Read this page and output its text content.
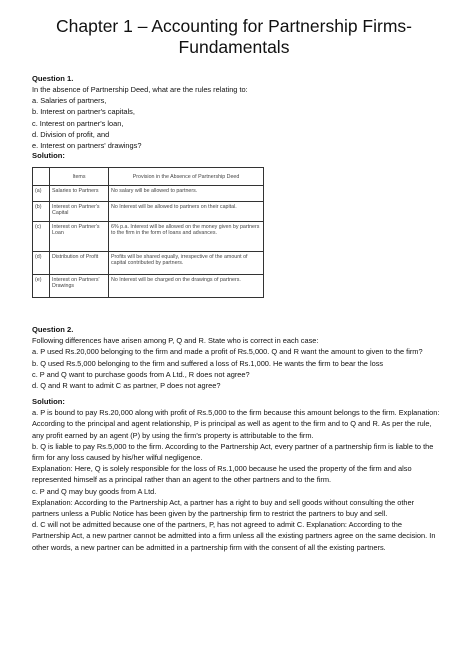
Chapter 1 – Accounting for Partnership Firms-
Fundamentals
Question 1.
In the absence of Partnership Deed, what are the rules relating to:
a. Salaries of partners,
b. Interest on partner's capitals,
c. Interest on partner's loan,
d. Division of profit, and
e. Interest on partners' drawings?
Solution:
	Items	Provision in the Absence of Partnership Deed
(a)	Salaries to Partners	No salary will be allowed to partners.
(b)	Interest on Partner's Capital	No Interest will be allowed to partners on their capital.
(c)	Interest on Partner's Loan	6% p.a. Interest will be allowed on the money given by partners to the firm in the form of loans and advances.
(d)	Distribution of Profit	Profits will be shared equally, irrespective of the amount of capital contributed by partners.
(e)	Interest on Partners' Drawings	No Interest will be charged on the drawings of partners.
Question 2.
Following differences have arisen among P, Q and R. State who is correct in each case:
a. P used Rs.20,000 belonging to the firm and made a profit of Rs.5,000. Q and R want the amount to given to the firm?
b. Q used Rs.5,000 belonging to the firm and suffered a loss of Rs.1,000. He wants the firm to bear the loss
c. P and Q want to purchase goods from A Ltd., R does not agree?
d. Q and R want to admit C as partner, P does not agree?
Solution:
a. P is bound to pay Rs.20,000 along with profit of Rs.5,000 to the firm because this amount belongs to the firm. Explanation:
According to the principal and agent relationship, P is principal as well as agent to the firm and to Q and R. As per the rule,
any profit earned by an agent (P) by using the firm's property is attributable to the firm.
b. Q is liable to pay Rs.5,000 to the firm. According to the Partnership Act, every partner of a partnership firm is liable to the
firm for any loss caused by his/her wilful negligence.
Explanation: Here, Q is solely responsible for the loss of Rs.1,000 because he used the property of the firm and also
represented himself as a principal rather than an agent to the other partners and to the firm.
c. P and Q may buy goods from A Ltd.
Explanation: According to the Partnership Act, a partner has a right to buy and sell goods without consulting the other
partners unless a Public Notice has been given by the partnership firm to restrict the partners to buy and sell.
d. C will not be admitted because one of the partners, P, has not agreed to admit C. Explanation: According to the
Partnership Act, a new partner cannot be admitted into a firm unless all the existing partners agree on the same decision. In
other words, a new partner can be admitted in a partnership firm with the consent of all the existing partners.
